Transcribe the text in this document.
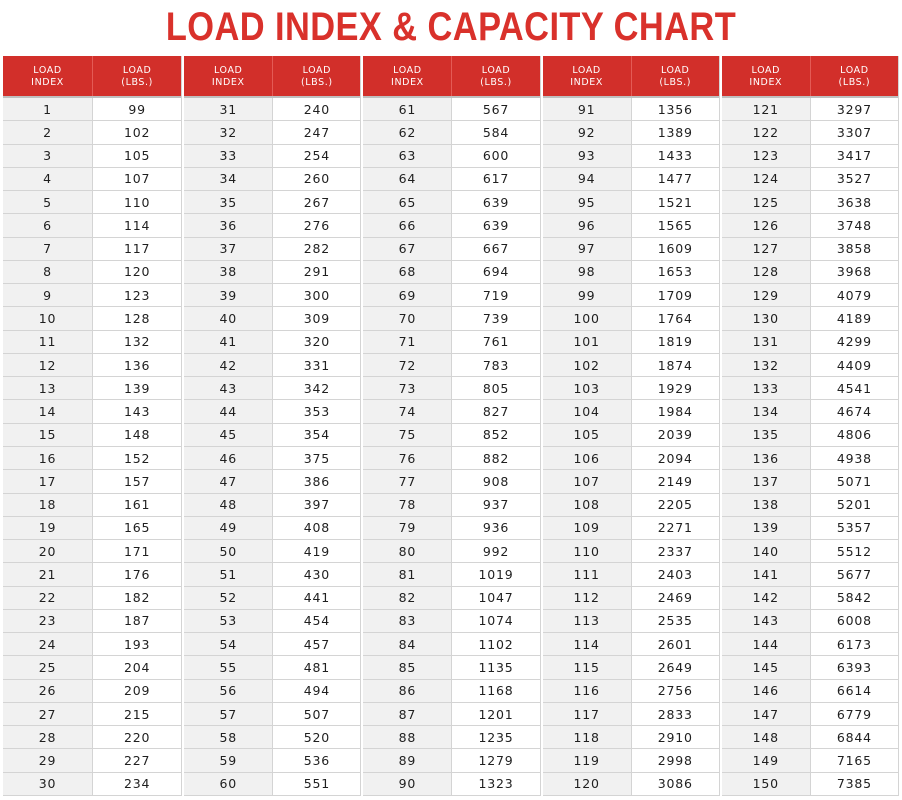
LOAD INDEX & CAPACITY CHART
LOAD
INDEX
LOAD
(LBS.)
1	99
2	102
3	105
4	107
5	110
6	114
7	117
8	120
9	123
10	128
11	132
12	136
13	139
14	143
15	148
16	152
17	157
18	161
19	165
20	171
21	176
22	182
23	187
24	193
25	204
26	209
27	215
28	220
29	227
30	234
LOAD
INDEX
LOAD
(LBS.)
31	240
32	247
33	254
34	260
35	267
36	276
37	282
38	291
39	300
40	309
41	320
42	331
43	342
44	353
45	354
46	375
47	386
48	397
49	408
50	419
51	430
52	441
53	454
54	457
55	481
56	494
57	507
58	520
59	536
60	551
LOAD
INDEX
LOAD
(LBS.)
61	567
62	584
63	600
64	617
65	639
66	639
67	667
68	694
69	719
70	739
71	761
72	783
73	805
74	827
75	852
76	882
77	908
78	937
79	936
80	992
81	1019
82	1047
83	1074
84	1102
85	1135
86	1168
87	1201
88	1235
89	1279
90	1323
LOAD
INDEX
LOAD
(LBS.)
91	1356
92	1389
93	1433
94	1477
95	1521
96	1565
97	1609
98	1653
99	1709
100	1764
101	1819
102	1874
103	1929
104	1984
105	2039
106	2094
107	2149
108	2205
109	2271
110	2337
111	2403
112	2469
113	2535
114	2601
115	2649
116	2756
117	2833
118	2910
119	2998
120	3086
LOAD
INDEX
LOAD
(LBS.)
121	3297
122	3307
123	3417
124	3527
125	3638
126	3748
127	3858
128	3968
129	4079
130	4189
131	4299
132	4409
133	4541
134	4674
135	4806
136	4938
137	5071
138	5201
139	5357
140	5512
141	5677
142	5842
143	6008
144	6173
145	6393
146	6614
147	6779
148	6844
149	7165
150	7385
